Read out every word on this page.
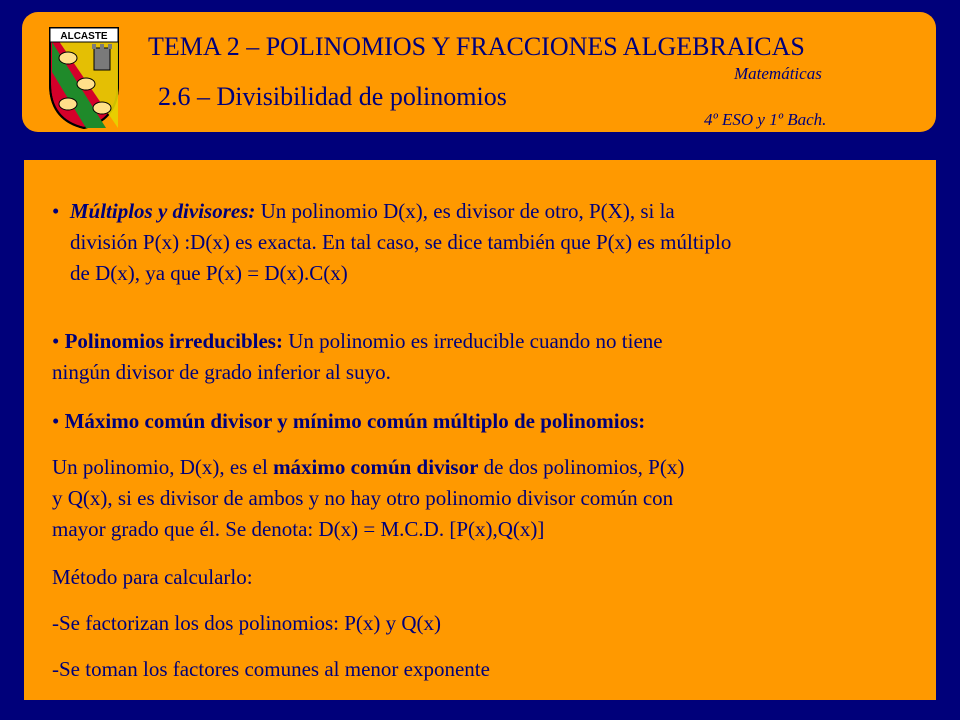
ALCASTE TEMA 2 – POLINOMIOS Y FRACCIONES ALGEBRAICAS
Matemáticas
2.6 – Divisibilidad de polinomios
4º ESO y 1º Bach.
•  Múltiplos y divisores: Un polinomio D(x), es divisor de otro, P(X), si la
división P(x) :D(x) es exacta. En tal caso, se dice también que P(x) es múltiplo
de D(x), ya que P(x) = D(x).C(x)
• Polinomios irreducibles: Un polinomio es irreducible cuando no tiene
ningún divisor de grado inferior al suyo.
• Máximo común divisor y mínimo común múltiplo de polinomios:
Un polinomio, D(x), es el máximo común divisor de dos polinomios, P(x)
y Q(x), si es divisor de ambos y no hay otro polinomio divisor común con
mayor grado que él. Se denota: D(x) = M.C.D. [P(x),Q(x)]
Método para calcularlo:
-Se factorizan los dos polinomios: P(x) y Q(x)
-Se toman los factores comunes al menor exponente
